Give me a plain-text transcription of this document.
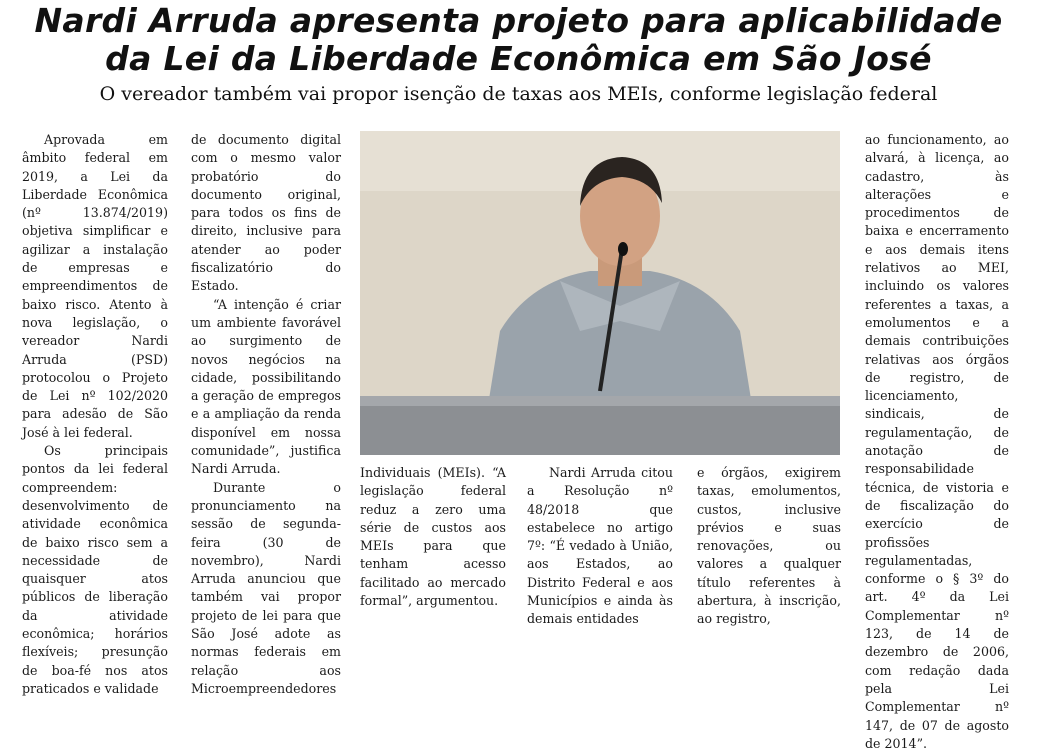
Nardi Arruda apresenta projeto para aplicabilidade
da Lei da Liberdade Econômica em São José
O vereador também vai propor isenção de taxas aos MEIs, conforme legislação federal

Aprovada em âmbito federal em 2019, a Lei da Liberdade Econômica (nº 13.874/2019) objetiva simplificar e agilizar a instalação de empresas e empreendimentos de baixo risco. Atento à nova legislação, o vereador Nardi Arruda (PSD) protocolou o Projeto de Lei nº 102/2020 para adesão de São José à lei federal.

Os principais pontos da lei federal compreendem: desenvolvimento de atividade econômica de baixo risco sem a necessidade de quaisquer atos públicos de liberação da atividade econômica; horários flexíveis; presunção de boa-fé nos atos praticados e validade

de documento digital com o mesmo valor probatório do documento original, para todos os fins de direito, inclusive para atender ao poder fiscalizatório do Estado.

“A intenção é criar um ambiente favorável ao surgimento de novos negócios na cidade, possibilitando a geração de empregos e a ampliação da renda disponível em nossa comunidade”, justifica Nardi Arruda.

Durante o pronunciamento na sessão de segunda-feira (30 de novembro), Nardi Arruda anunciou que também vai propor projeto de lei para que São José adote as normas federais em relação aos Microempreendedores

Individuais (MEIs). “A legislação federal reduz a zero uma série de custos aos MEIs para que tenham acesso facilitado ao mercado formal”, argumentou.

Nardi Arruda citou a Resolução nº 48/2018 que estabelece no artigo 7º: “É vedado à União, aos Estados, ao Distrito Federal e aos Municípios e ainda às demais entidades

e órgãos, exigirem taxas, emolumentos, custos, inclusive prévios e suas renovações, ou valores a qualquer título referentes à abertura, à inscrição, ao registro,

ao funcionamento, ao alvará, à licença, ao cadastro, às alterações e procedimentos de baixa e encerramento e aos demais itens relativos ao MEI, incluindo os valores referentes a taxas, a emolumentos e a demais contribuições relativas aos órgãos de registro, de licenciamento, sindicais, de regulamentação, de anotação de responsabilidade técnica, de vistoria e de fiscalização do exercício de profissões regulamentadas, conforme o § 3º do art. 4º da Lei Complementar nº 123, de 14 de dezembro de 2006, com redação dada pela Lei Complementar nº 147, de 07 de agosto de 2014”.
